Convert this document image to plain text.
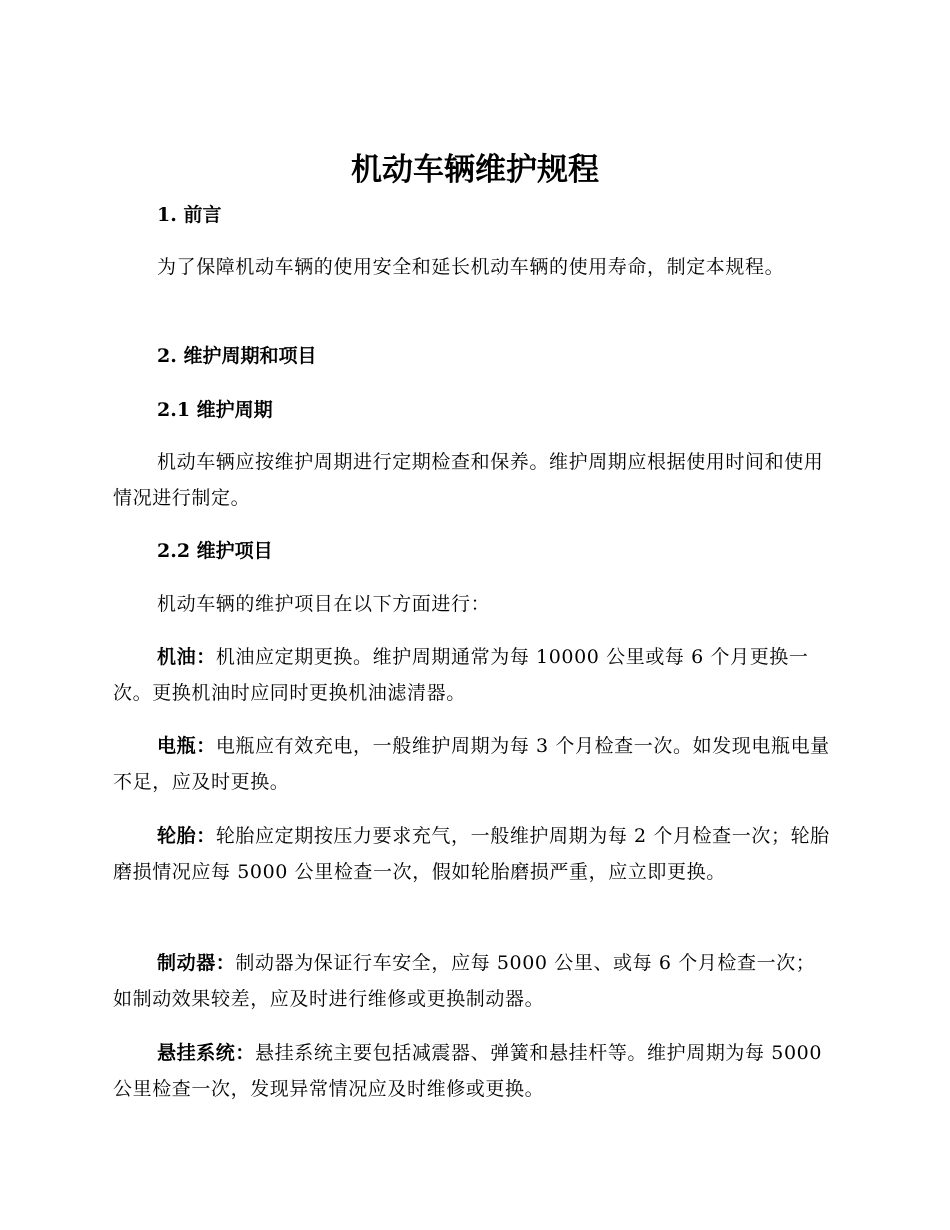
机动车辆维护规程
1. 前言

为了保障机动车辆的使用安全和延长机动车辆的使用寿命，制定本规程。

2. 维护周期和项目
2.1 维护周期

机动车辆应按维护周期进行定期检查和保养。维护周期应根据使用时间和使用情况进行制定。

2.2 维护项目

机动车辆的维护项目在以下方面进行：

机油：机油应定期更换。维护周期通常为每 10000 公里或每 6 个月更换一次。更换机油时应同时更换机油滤清器。

电瓶：电瓶应有效充电，一般维护周期为每 3 个月检查一次。如发现电瓶电量不足，应及时更换。

轮胎：轮胎应定期按压力要求充气，一般维护周期为每 2 个月检查一次；轮胎磨损情况应每 5000 公里检查一次，假如轮胎磨损严重，应立即更换。

制动器：制动器为保证行车安全，应每 5000 公里、或每 6 个月检查一次；如制动效果较差，应及时进行维修或更换制动器。

悬挂系统：悬挂系统主要包括减震器、弹簧和悬挂杆等。维护周期为每 5000 公里检查一次，发现异常情况应及时维修或更换。
